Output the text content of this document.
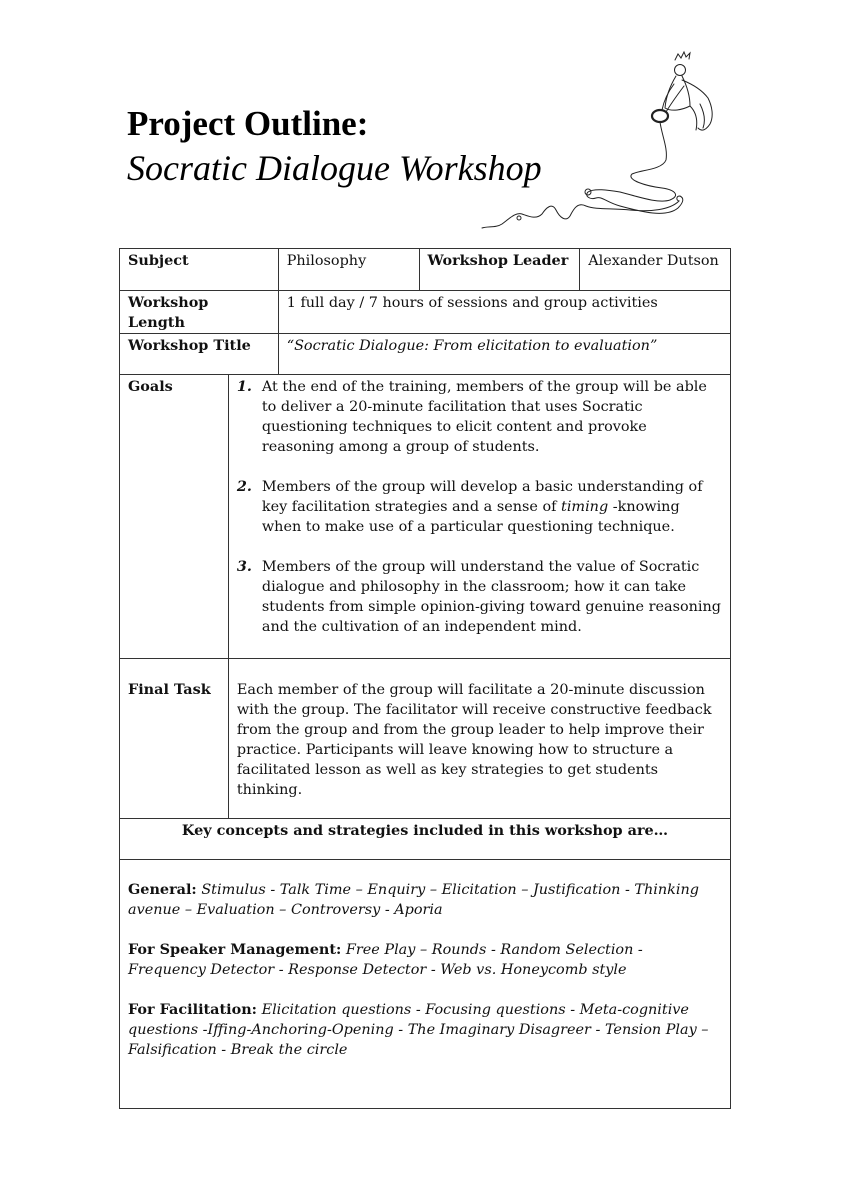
Project Outline:
Socratic Dialogue Workshop
Subject		Philosophy	Workshop Leader	Alexander Dutson
Workshop Length		1 full day / 7 hours of sessions and group activities		
Workshop Title		“Socratic Dialogue: From elicitation to evaluation”		
Goals	1. At the end of the training, members of the group will be able to deliver a 20-minute facilitation that uses Socratic questioning techniques to elicit content and provoke reasoning among a group of students.
2. Members of the group will develop a basic understanding of key facilitation strategies and a sense of timing -knowing when to make use of a particular questioning technique.
3. Members of the group will understand the value of Socratic dialogue and philosophy in the classroom; how it can take students from simple opinion-giving toward genuine reasoning and the cultivation of an independent mind.

Final Task	Each member of the group will facilitate a 20-minute discussion with the group. The facilitator will receive constructive feedback from the group and from the group leader to help improve their practice. Participants will leave knowing how to structure a facilitated lesson as well as key strategies to get students thinking.			
Key concepts and strategies included in this workshop are…				

General: Stimulus - Talk Time – Enquiry – Elicitation – Justification - Thinking avenue – Evaluation – Controversy - Aporia

For Speaker Management: Free Play – Rounds - Random Selection - Frequency Detector - Response Detector - Web vs. Honeycomb style

For Facilitation: Elicitation questions - Focusing questions - Meta-cognitive questions -Iffing-Anchoring-Opening - The Imaginary Disagreer - Tension Play – Falsification - Break the circle				
